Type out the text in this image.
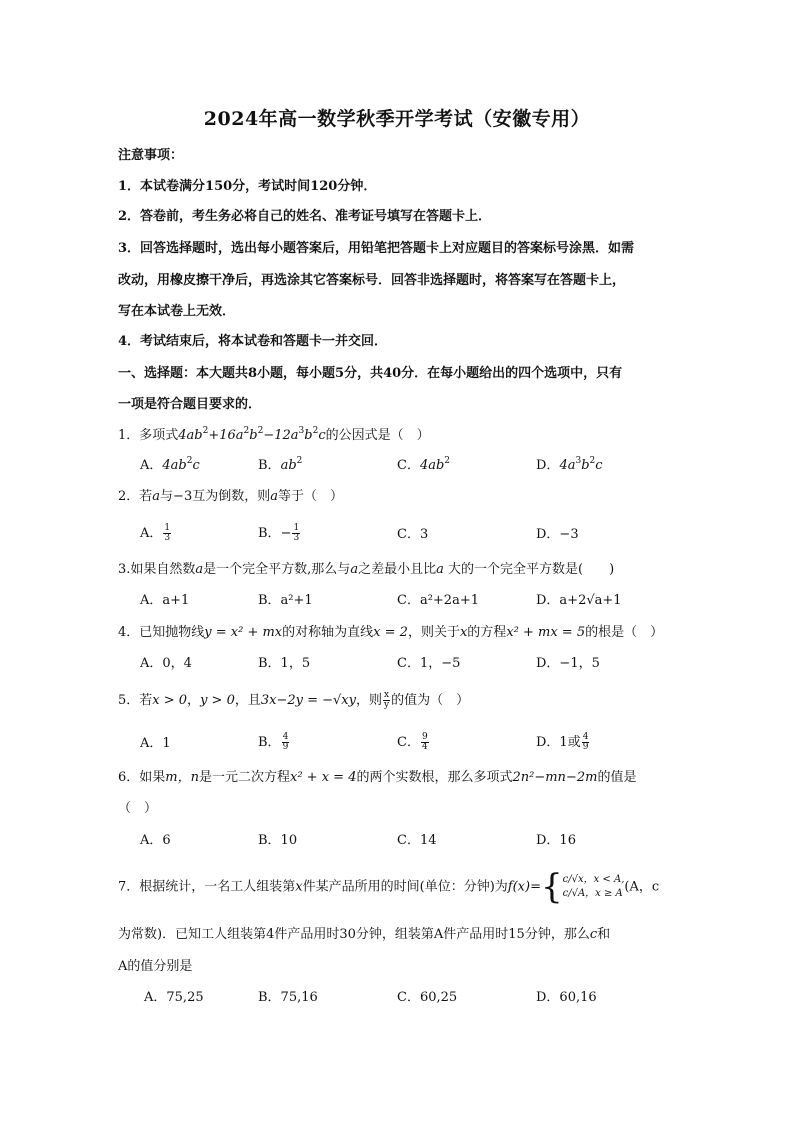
2024年高一数学秋季开学考试（安徽专用）
注意事项：
1．本试卷满分150分，考试时间120分钟．
2．答卷前，考生务必将自己的姓名、准考证号填写在答题卡上．
3．回答选择题时，选出每小题答案后，用铅笔把答题卡上对应题目的答案标号涂黑．如需
改动，用橡皮擦干净后，再选涂其它答案标号．回答非选择题时，将答案写在答题卡上，
写在本试卷上无效．
4．考试结束后，将本试卷和答题卡一并交回．
一、选择题：本大题共8小题，每小题5分，共40分．在每小题给出的四个选项中，只有
一项是符合题目要求的．
1．多项式$4ab^2+16a^2b^2-12a^3b^2c$的公因式是（　）
A．$4ab^2c$	B．$ab^2$	C．$4ab^2$	D．$4a^3b^2c$
2．若a与−3互为倒数，则a等于（　）
A． $\frac{1}{3}$	B．− $\frac{1}{3}$	C．3	D．−3
3.如果自然数a是一个完全平方数,那么与a之差最小且比a 大的一个完全平方数是(　　)
A．a+1	B．a²+1	C．a²+2a+1	D．a+2√a+1
4．已知抛物线y = x² + mx的对称轴为直线x = 2，则关于x的方程x² + mx = 5的根是（　）
A．0，4	B．1，5	C．1，−5	D．−1，5
5．若x > 0，y > 0，且3x−2y = −√xy，则 $\frac{x}{y}$ 的值为（　）
A．1	B． $\frac{4}{9}$	C． $\frac{9}{4}$	D．1或 $\frac{4}{9}$
6．如果m，n是一元二次方程x² + x = 4的两个实数根，那么多项式2n²−mn−2m的值是
（　）
A．6	B．10	C．14	D．16
7．根据统计，一名工人组装第x件某产品所用的时间(单位：分钟)为f(x)={c/√x，x < A,
c/√A，x ≥ A (A，c
为常数)．已知工人组装第4件产品用时30分钟，组装第A件产品用时15分钟，那么c和
A的值分别是
A．75,25	B．75,16	C．60,25	D．60,16
